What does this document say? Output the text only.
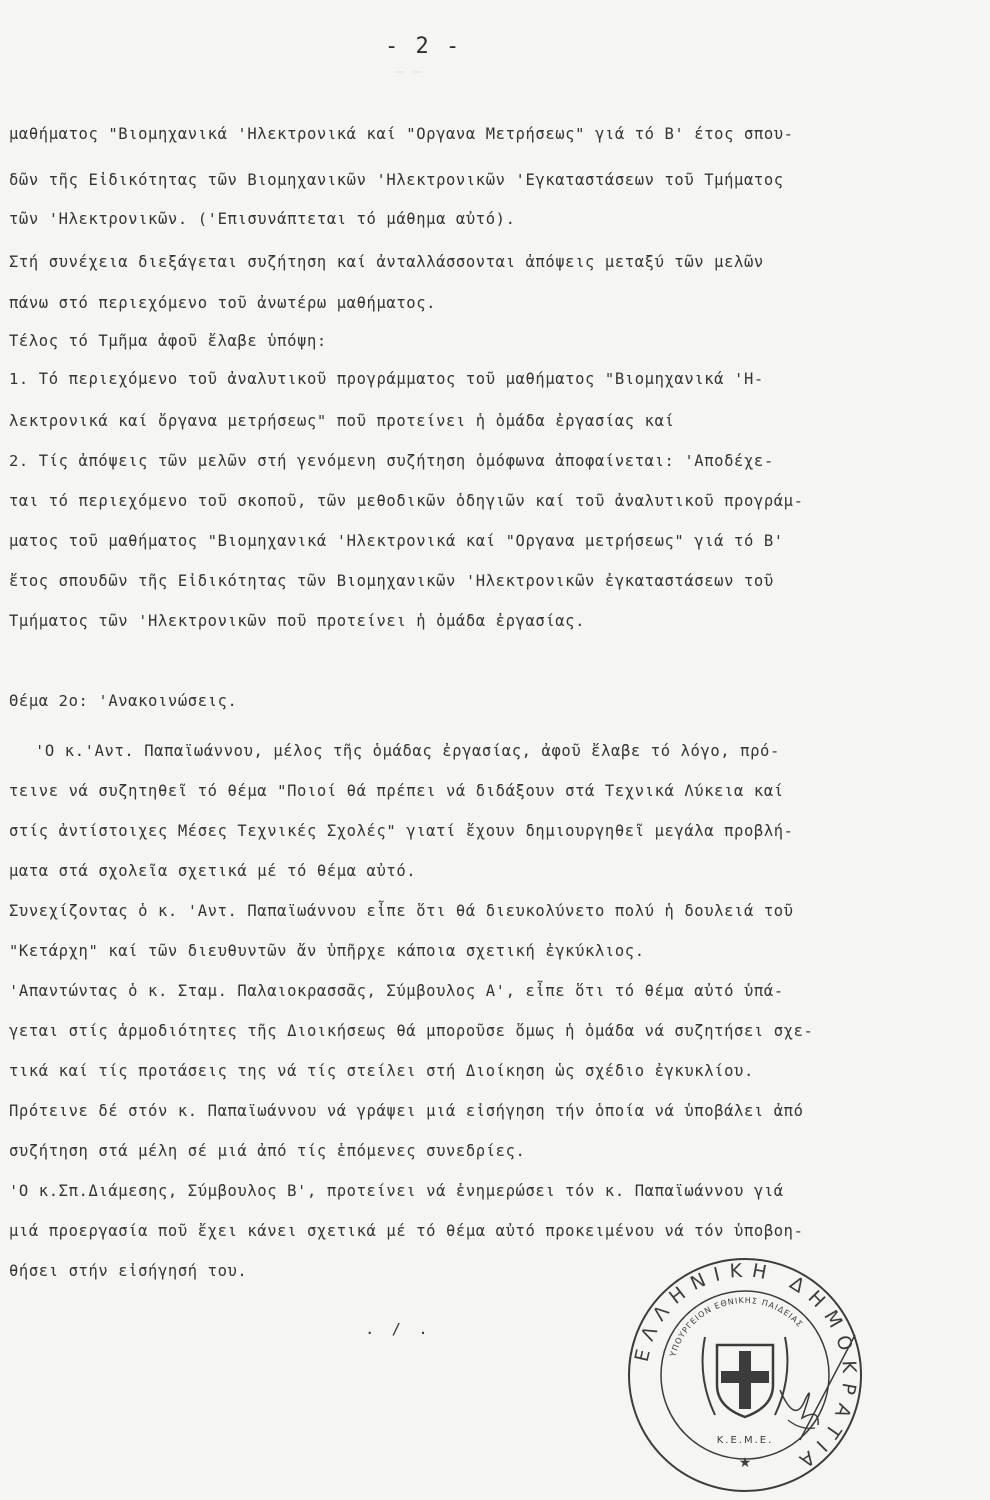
‒ ‒
- 2 -
μαθήματος "Βιομηχανικά 'Ηλεκτρονικά καί "Οργανα Μετρήσεως" γιά τό Β' έτος σπου-
δῶν τῆς Εἰδικότητας τῶν Βιομηχανικῶν 'Ηλεκτρονικῶν 'Εγκαταστάσεων τοῦ Τμήματος
τῶν 'Ηλεκτρονικῶν. ('Επισυνάπτεται τό μάθημα αὐτό).
Στή συνέχεια διεξάγεται συζήτηση καί ἀνταλλάσσονται ἀπόψεις μεταξύ τῶν μελῶν
πάνω στό περιεχόμενο τοῦ ἀνωτέρω μαθήματος.
Τέλος τό Τμῆμα ἀφοῦ ἔλαβε ὑπόψη:
1. Τό περιεχόμενο τοῦ ἀναλυτικοῦ προγράμματος τοῦ μαθήματος "Βιομηχανικά 'Η-
λεκτρονικά καί ὄργανα μετρήσεως" ποῦ προτείνει ἡ ὁμάδα ἐργασίας καί
2. Τίς ἀπόψεις τῶν μελῶν στή γενόμενη συζήτηση ὁμόφωνα ἀποφαίνεται: 'Αποδέχε-
ται τό περιεχόμενο τοῦ σκοποῦ, τῶν μεθοδικῶν ὁδηγιῶν καί τοῦ ἀναλυτικοῦ προγράμ-
ματος τοῦ μαθήματος "Βιομηχανικά 'Ηλεκτρονικά καί "Οργανα μετρήσεως" γιά τό Β'
ἔτος σπουδῶν τῆς Εἰδικότητας τῶν Βιομηχανικῶν 'Ηλεκτρονικῶν ἐγκαταστάσεων τοῦ
Τμήματος τῶν 'Ηλεκτρονικῶν ποῦ προτείνει ἡ ὁμάδα ἐργασίας.
Θέμα 2ο: 'Ανακοινώσεις.
'Ο κ.'Αντ. Παπαϊωάννου, μέλος τῆς ὁμάδας ἐργασίας, ἀφοῦ ἔλαβε τό λόγο, πρό-
τεινε νά συζητηθεῖ τό θέμα "Ποιοί θά πρέπει νά διδάξουν στά Τεχνικά Λύκεια καί
στίς ἀντίστοιχες Μέσες Τεχνικές Σχολές" γιατί ἔχουν δημιουργηθεῖ μεγάλα προβλή-
ματα στά σχολεῖα σχετικά μέ τό θέμα αὐτό.
Συνεχίζοντας ὁ κ. 'Αντ. Παπαϊωάννου εἶπε ὅτι θά διευκολύνετο πολύ ἡ δουλειά τοῦ
"Κετάρχη" καί τῶν διευθυντῶν ἄν ὑπῆρχε κάποια σχετική ἐγκύκλιος.
'Απαντώντας ὁ κ. Σταμ. Παλαιοκρασσᾶς, Σύμβουλος Α', εἶπε ὅτι τό θέμα αὐτό ὑπά-
γεται στίς ἁρμοδιότητες τῆς Διοικήσεως θά μποροῦσε ὅμως ἡ ὁμάδα νά συζητήσει σχε-
τικά καί τίς προτάσεις της νά τίς στείλει στή Διοίκηση ὡς σχέδιο ἐγκυκλίου.
Πρότεινε δέ στόν κ. Παπαϊωάννου νά γράψει μιά εἰσήγηση τήν ὁποία νά ὑποβάλει ἀπό
συζήτηση στά μέλη σέ μιά ἀπό τίς ἑπόμενες συνεδρίες.
'Ο κ.Σπ.Διάμεσης, Σύμβουλος Β', προτείνει νά ἐνημερώσει τόν κ. Παπαϊωάννου γιά
μιά προεργασία ποῦ ἔχει κάνει σχετικά μέ τό θέμα αὐτό προκειμένου νά τόν ὑποβοη-
θήσει στήν εἰσήγησή του.
. / .
ΕΛΛΗΝΙΚΗ ΔΗΜΟΚΡΑΤΙΑ
ΥΠΟΥΡΓΕΙΟΝ ΕΘΝΙΚΗΣ ΠΑΙΔΕΙΑΣ
Κ.Ε.Μ.Ε.
★
